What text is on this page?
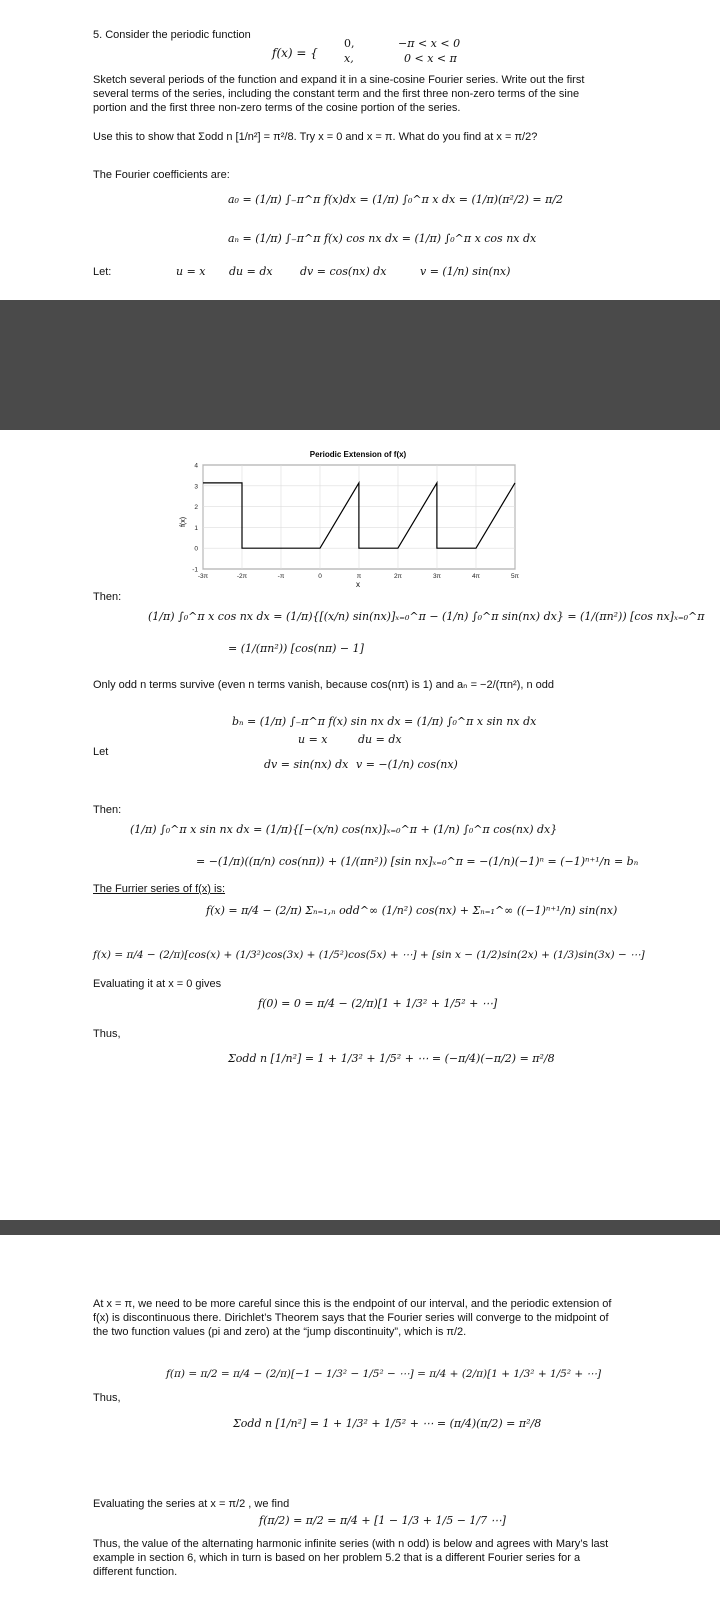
5. Consider the periodic function
f(x) = {
0,	−π < x < 0
x,	0 < x < π
Sketch several periods of the function and expand it in a sine-cosine Fourier series. Write out the first several terms of the series, including the constant term and the first three non-zero terms of the sine portion and the first three non-zero terms of the cosine portion of the series.
Use this to show that Σodd n [1/n²] = π²/8. Try x = 0 and x = π. What do you find at x = π/2?
The Fourier coefficients are:
a₀ = (1/π) ∫₋π^π f(x)dx = (1/π) ∫₀^π x dx = (1/π)(π²/2) = π/2
aₙ = (1/π) ∫₋π^π f(x) cos nx dx = (1/π) ∫₀^π x cos nx dx
Let:	u = x du = dx dv = cos(nx) dx	v = (1/n) sin(nx)
Periodic Extension of f(x)
-3π	-2π	-π	0	π	2π	3π	4π	5π
-1
0
1
2
3
4
x
f(x)
Then:
(1/π) ∫₀^π x cos nx dx = (1/π){[(x/n) sin(nx)]ₓ₌₀^π − (1/n) ∫₀^π sin(nx) dx} = (1/(πn²)) [cos nx]ₓ₌₀^π
= (1/(πn²)) [cos(nπ) − 1]
Only odd n terms survive (even n terms vanish, because cos(nπ) is 1) and aₙ = −2/(πn²), n odd
bₙ = (1/π) ∫₋π^π f(x) sin nx dx = (1/π) ∫₀^π x sin nx dx
Let
u = x	du = dx
dv = sin(nx) dx v = −(1/n) cos(nx)
Then:
(1/π) ∫₀^π x sin nx dx = (1/π){[−(x/n) cos(nx)]ₓ₌₀^π + (1/n) ∫₀^π cos(nx) dx}
= −(1/π)((π/n) cos(nπ)) + (1/(πn²)) [sin nx]ₓ₌₀^π = −(1/n)(−1)ⁿ = (−1)ⁿ⁺¹/n = bₙ
The Furrier series of f(x) is:
f(x) = π/4 − (2/π) Σₙ₌₁,ₙ odd^∞ (1/n²) cos(nx) + Σₙ₌₁^∞ ((−1)ⁿ⁺¹/n) sin(nx)
f(x) = π/4 − (2/π)[cos(x) + (1/3²)cos(3x) + (1/5²)cos(5x) + ⋯] + [sin x − (1/2)sin(2x) + (1/3)sin(3x) − ⋯]
Evaluating it at x = 0 gives
f(0) = 0 = π/4 − (2/π)[1 + 1/3² + 1/5² + ⋯]
Thus,
Σodd n [1/n²] = 1 + 1/3² + 1/5² + ⋯ = (−π/4)(−π/2) = π²/8
At x = π, we need to be more careful since this is the endpoint of our interval, and the periodic extension of f(x) is discontinuous there. Dirichlet’s Theorem says that the Fourier series will converge to the midpoint of the two function values (pi and zero) at the “jump discontinuity”, which is π/2.
f(π) = π/2 = π/4 − (2/π)[−1 − 1/3² − 1/5² − ⋯] = π/4 + (2/π)[1 + 1/3² + 1/5² + ⋯]
Thus,
Σodd n [1/n²] = 1 + 1/3² + 1/5² + ⋯ = (π/4)(π/2) = π²/8
Evaluating the series at x = π/2 , we find
f(π/2) = π/2 = π/4 + [1 − 1/3 + 1/5 − 1/7 ⋯]
Thus, the value of the alternating harmonic infinite series (with n odd) is below and agrees with Mary’s last example in section 6, which in turn is based on her problem 5.2 that is a different Fourier series for a different function.
